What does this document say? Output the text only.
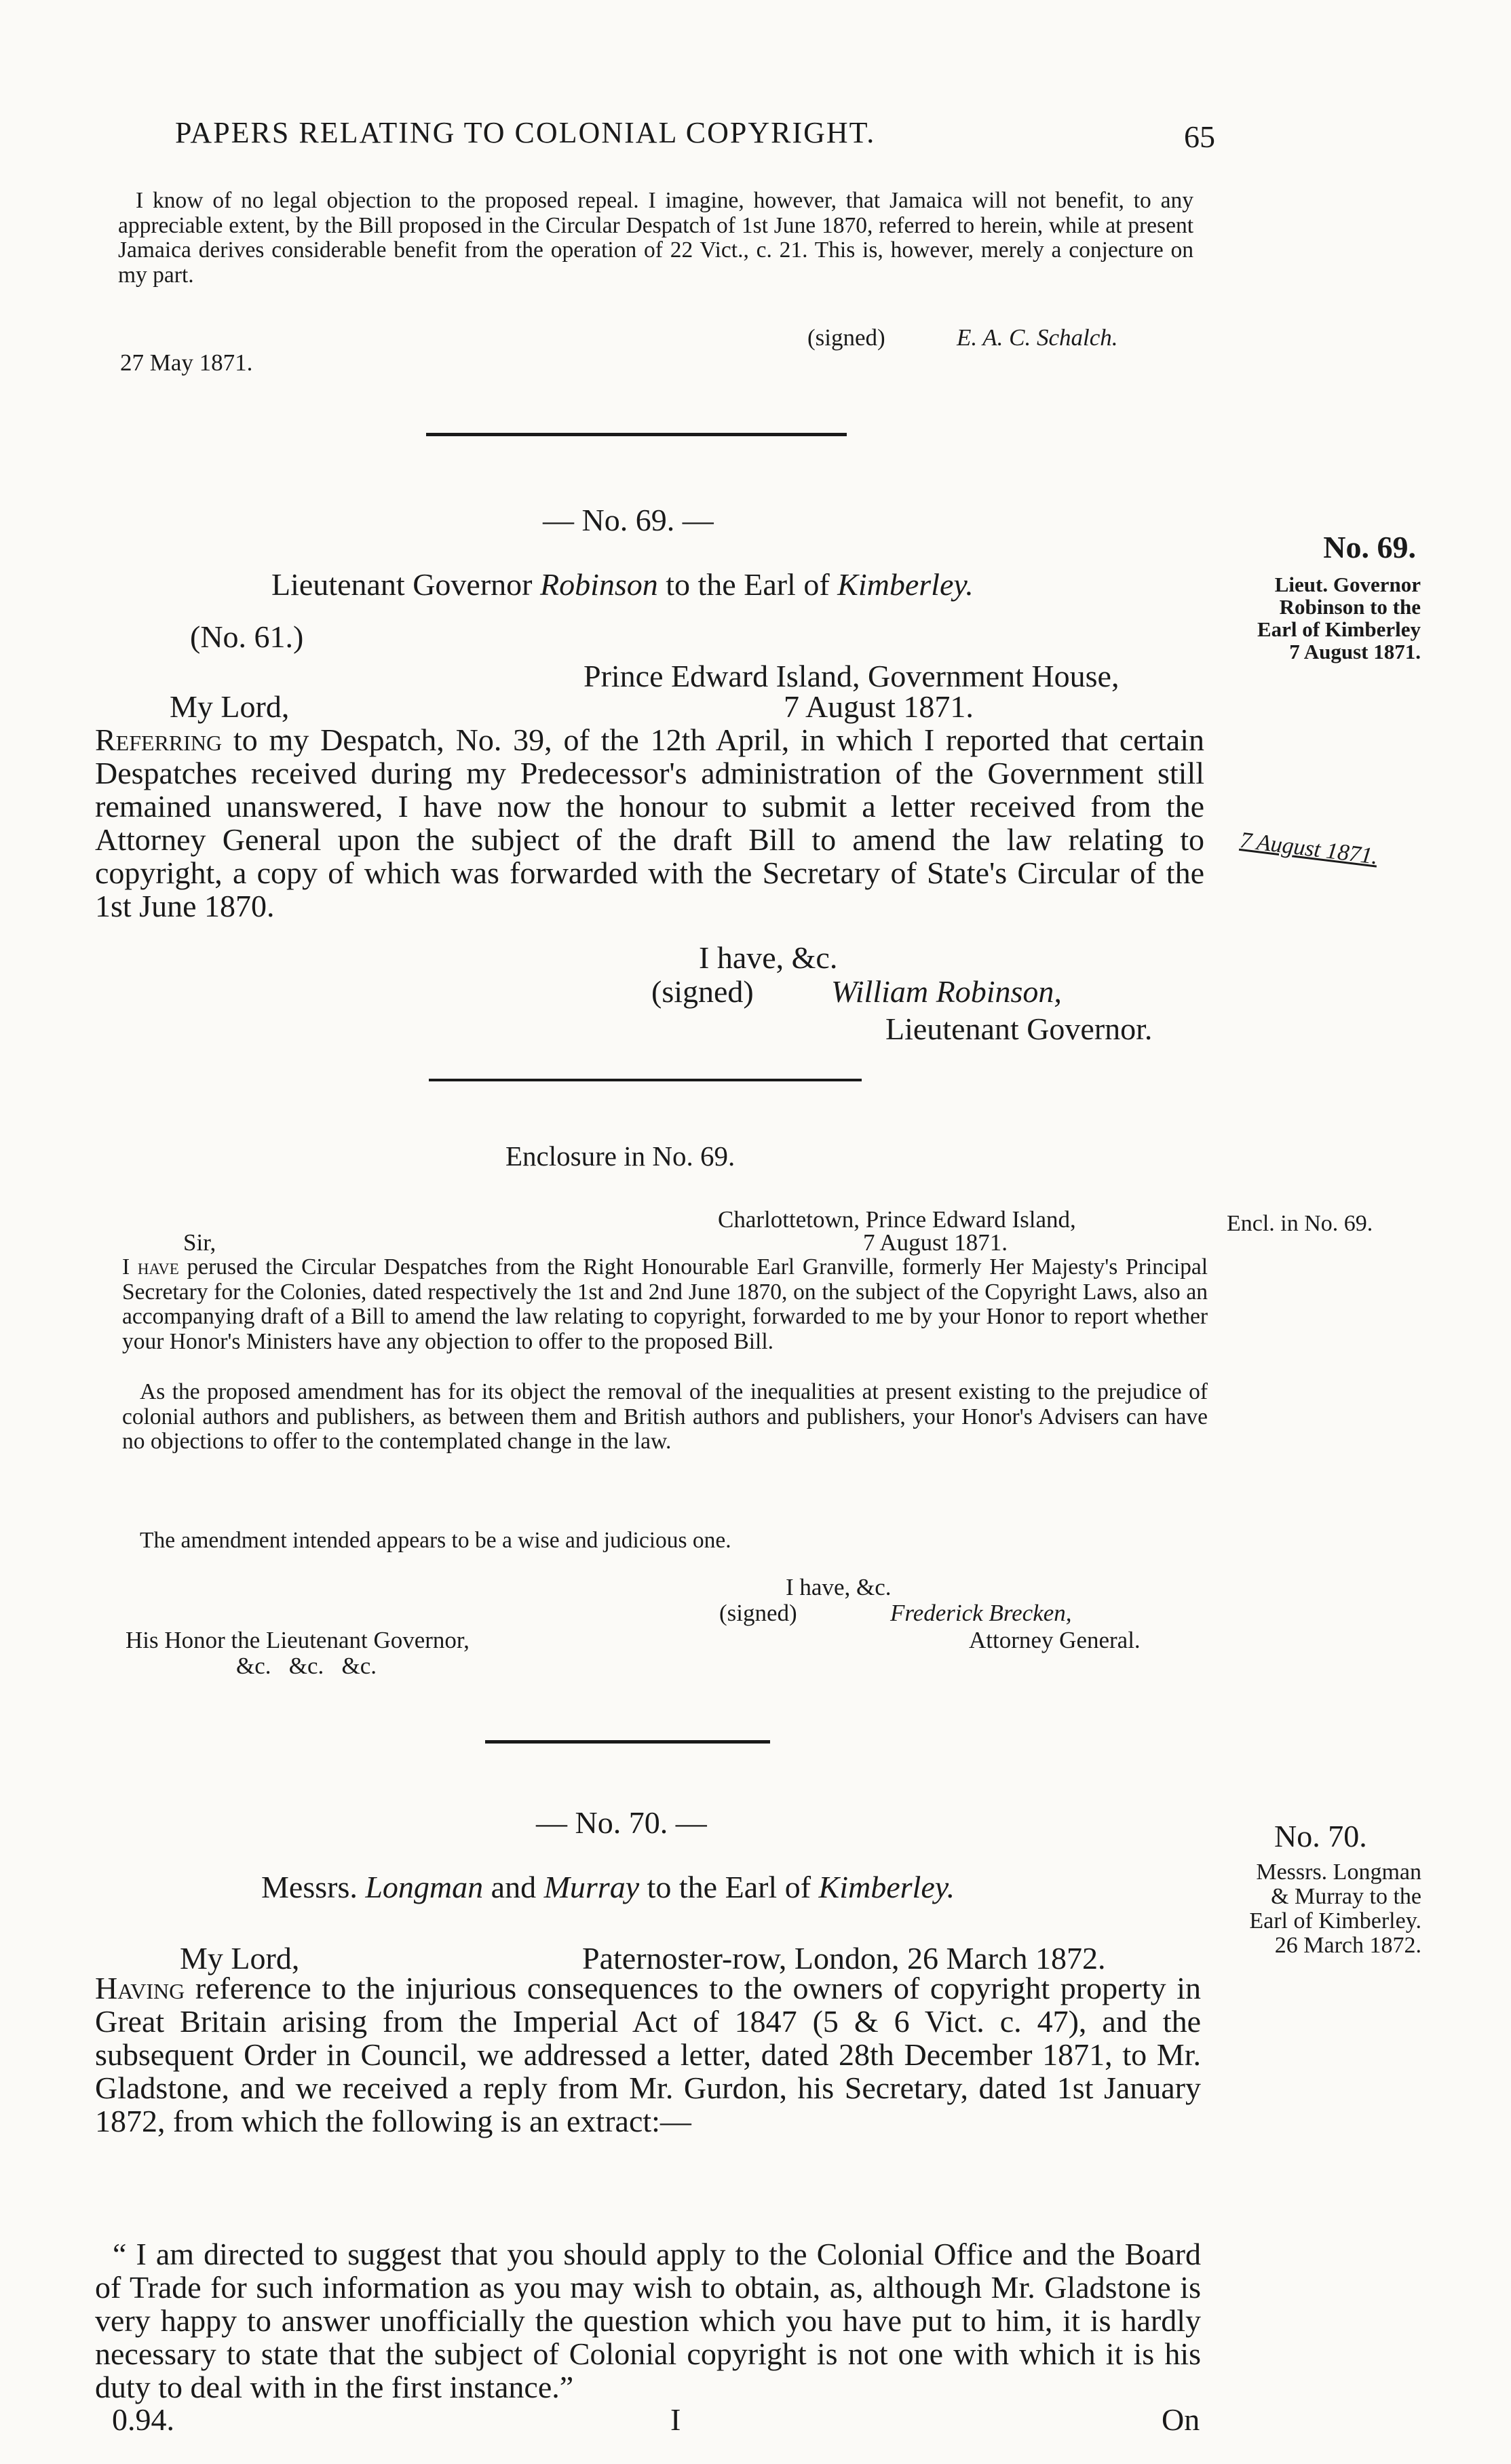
PAPERS RELATING TO COLONIAL COPYRIGHT.	65
I know of no legal objection to the proposed repeal. I imagine, however, that Jamaica will not benefit, to any appreciable extent, by the Bill proposed in the Circular Despatch of 1st June 1870, referred to herein, while at present Jamaica derives considerable benefit from the operation of 22 Vict., c. 21. This is, however, merely a conjecture on my part.
(signed)	E. A. C. Schalch.
27 May 1871.
— No. 69. —
Lieutenant Governor Robinson to the Earl of Kimberley.
(No. 61.)
Prince Edward Island, Government House,
My Lord,	7 August 1871.
Referring to my Despatch, No. 39, of the 12th April, in which I reported that certain Despatches received during my Predecessor's administration of the Government still remained unanswered, I have now the honour to submit a letter received from the Attorney General upon the subject of the draft Bill to amend the law relating to copyright, a copy of which was forwarded with the Secretary of State's Circular of the 1st June 1870.
I have, &c.
(signed) William Robinson,
Lieutenant Governor.
No. 69.
Lieut. Governor
Robinson to the
Earl of Kimberley
7 August 1871.
7 August 1871.
Enclosure in No. 69.
Charlottetown, Prince Edward Island,
Sir,	7 August 1871.
Encl. in No. 69.
I have perused the Circular Despatches from the Right Honourable Earl Granville, formerly Her Majesty's Principal Secretary for the Colonies, dated respectively the 1st and 2nd June 1870, on the subject of the Copyright Laws, also an accompanying draft of a Bill to amend the law relating to copyright, forwarded to me by your Honor to report whether your Honor's Ministers have any objection to offer to the proposed Bill.
As the proposed amendment has for its object the removal of the inequalities at present existing to the prejudice of colonial authors and publishers, as between them and British authors and publishers, your Honor's Advisers can have no objections to offer to the contemplated change in the law.
The amendment intended appears to be a wise and judicious one.
I have, &c.
(signed)	Frederick Brecken,
His Honor the Lieutenant Governor,	Attorney General.
&c.   &c.   &c.
— No. 70. —
Messrs. Longman and Murray to the Earl of Kimberley.
My Lord,	Paternoster-row, London, 26 March 1872.
Having reference to the injurious consequences to the owners of copyright property in Great Britain arising from the Imperial Act of 1847 (5 & 6 Vict. c. 47), and the subsequent Order in Council, we addressed a letter, dated 28th December 1871, to Mr. Gladstone, and we received a reply from Mr. Gurdon, his Secretary, dated 1st January 1872, from which the following is an extract:—
“ I am directed to suggest that you should apply to the Colonial Office and the Board of Trade for such information as you may wish to obtain, as, although Mr. Gladstone is very happy to answer unofficially the question which you have put to him, it is hardly necessary to state that the subject of Colonial copyright is not one with which it is his duty to deal with in the first instance.”
No. 70.
Messrs. Longman
& Murray to the
Earl of Kimberley.
26 March 1872.
0.94.	I	On
